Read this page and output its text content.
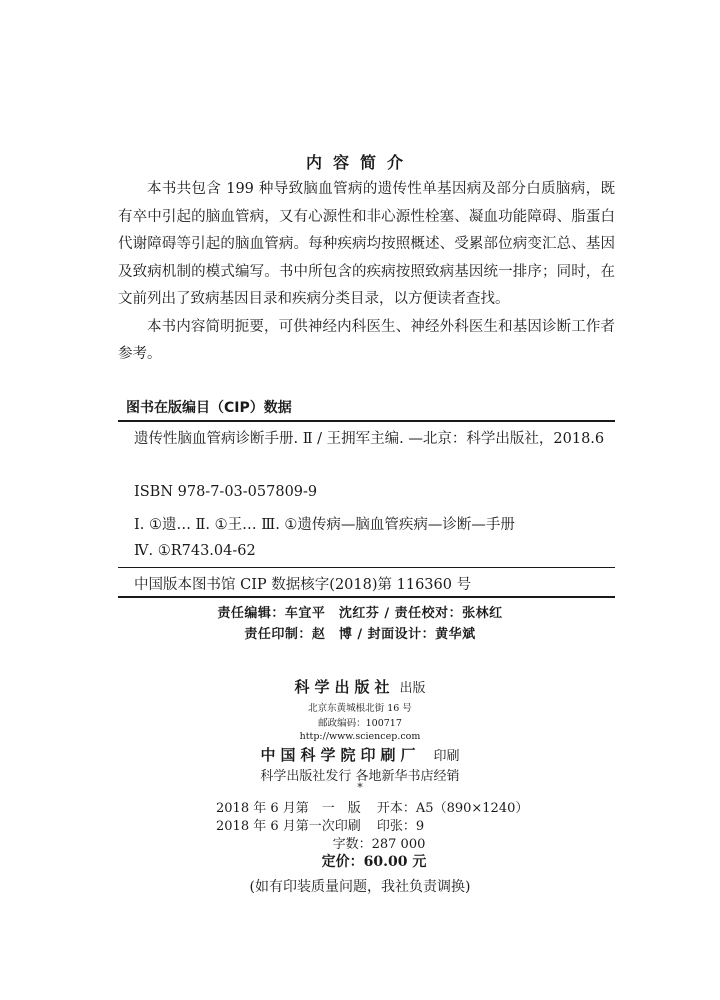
内容简介

本书共包含 199 种导致脑血管病的遗传性单基因病及部分白质脑病，既有卒中引起的脑血管病，又有心源性和非心源性栓塞、凝血功能障碍、脂蛋白代谢障碍等引起的脑血管病。每种疾病均按照概述、受累部位病变汇总、基因及致病机制的模式编写。书中所包含的疾病按照致病基因统一排序；同时，在文前列出了致病基因目录和疾病分类目录，以方便读者查找。

本书内容简明扼要，可供神经内科医生、神经外科医生和基因诊断工作者参考。

图书在版编目（CIP）数据
遗传性脑血管病诊断手册. Ⅱ / 王拥军主编. —北京：科学出版社，2018.6
ISBN 978-7-03-057809-9
Ⅰ. ①遗… Ⅱ. ①王… Ⅲ. ①遗传病—脑血管疾病—诊断—手册
Ⅳ. ①R743.04-62
中国版本图书馆 CIP 数据核字(2018)第 116360 号
责任编辑：车宜平　沈红芬 / 责任校对：张林红
责任印制：赵　博 / 封面设计：黄华斌
科学出版社 出版
北京东黄城根北街 16 号
邮政编码：100717
http://www.sciencep.com
中国科学院印刷厂 印刷
科学出版社发行 各地新华书店经销
*
2018 年 6 月第　一　版 开本：A5（890×1240）
2018 年 6 月第一次印刷 印张：9
字数：287 000
定价：60.00 元
(如有印装质量问题，我社负责调换)
